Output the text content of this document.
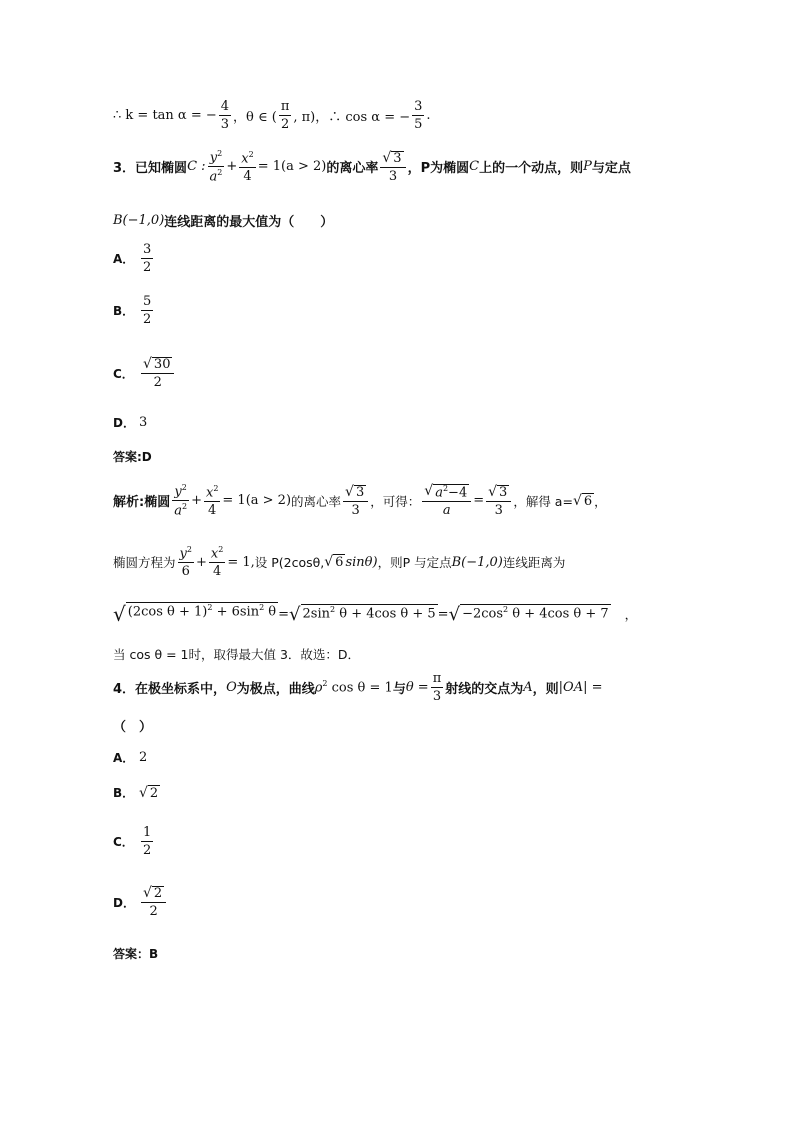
∴ k = tan α = − $\frac{4}{3}$ ，θ ∈ ( $\frac{\pi}{2}$ , π)，∴ cos α = − $\frac{3}{5}$ .
3． 已知椭圆 C : $\frac{y^2}{a^2} + \frac{x^2}{4} = 1(a > 2)$ 的离心率 $\frac{√ 3}{3}$ ，P为椭圆 C 上的一个动点，则 P 与定点
B(−1,0) 连线距离的最大值为（　　）
A． $\frac{3}{2}$
B． $\frac{5}{2}$
C． $\frac{√ 30}{2}$
D． 3
答案:D
解析:椭圆 $\frac{y^2}{a^2} + \frac{x^2}{4} = 1(a > 2)$ 的离心率 $\frac{√ 3}{3}$ ，可得： $\frac{√ a^2-4}{a} = \frac{√ 3}{3}$ ，解得 a= √ 6 ，
椭圆方程为 $\frac{y^2}{6} + \frac{x^2}{4} = 1$, 设 P(2cosθ, √ 6 sinθ) ，则P 与定点 B(−1,0) 连线距离为
√ (2cos $\theta + 1)^2 + 6\sin^2$ θ = √ $2\sin^2$ θ + 4cos θ + 5 = √ $-2\cos^2$ θ + 4cos θ + 7 ，
当 cos θ = 1时，取得最大值 3．故选：D．
4． 在极坐标系中， O 为极点，曲线 $\rho^2$ cos θ = 1 与 $\theta = \frac{\pi}{3}$ 射线的交点为 A ，则 |OA| =
（　）
A． 2
B． √ 2
C． $\frac{1}{2}$
D． $\frac{√ 2}{2}$
答案：B
